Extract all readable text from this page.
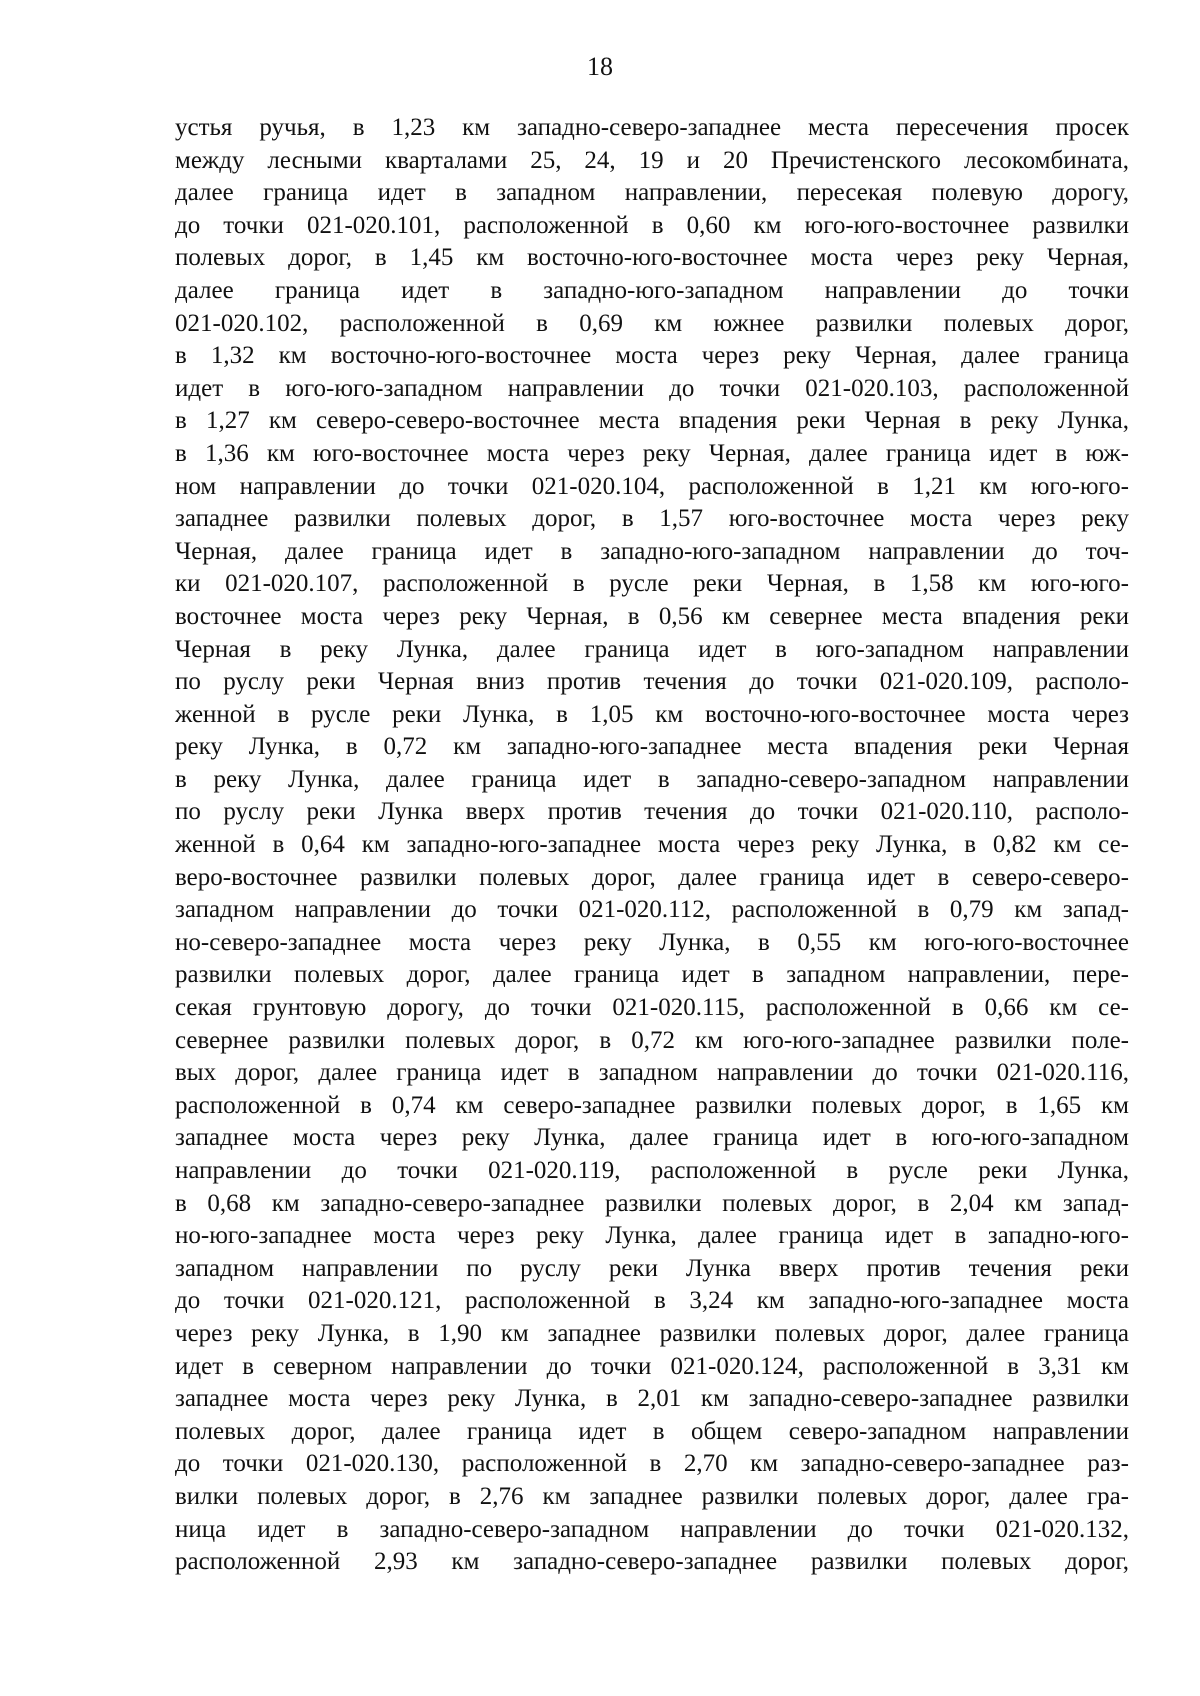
18
устья ручья, в 1,23 км западно-северо-западнее места пересечения просек
между лесными кварталами 25, 24, 19 и 20 Пречистенского лесокомбината,
далее граница идет в западном направлении, пересекая полевую дорогу,
до точки 021-020.101, расположенной в 0,60 км юго-юго-восточнее развилки
полевых дорог, в 1,45 км восточно-юго-восточнее моста через реку Черная,
далее граница идет в западно-юго-западном направлении до точки
021-020.102, расположенной в 0,69 км южнее развилки полевых дорог,
в 1,32 км восточно-юго-восточнее моста через реку Черная, далее граница
идет в юго-юго-западном направлении до точки 021-020.103, расположенной
в 1,27 км северо-северо-восточнее места впадения реки Черная в реку Лунка,
в 1,36 км юго-восточнее моста через реку Черная, далее граница идет в юж-
ном направлении до точки 021-020.104, расположенной в 1,21 км юго-юго-
западнее развилки полевых дорог, в 1,57 юго-восточнее моста через реку
Черная, далее граница идет в западно-юго-западном направлении до точ-
ки 021-020.107, расположенной в русле реки Черная, в 1,58 км юго-юго-
восточнее моста через реку Черная, в 0,56 км севернее места впадения реки
Черная в реку Лунка, далее граница идет в юго-западном направлении
по руслу реки Черная вниз против течения до точки 021-020.109, располо-
женной в русле реки Лунка, в 1,05 км восточно-юго-восточнее моста через
реку Лунка, в 0,72 км западно-юго-западнее места впадения реки Черная
в реку Лунка, далее граница идет в западно-северо-западном направлении
по руслу реки Лунка вверх против течения до точки 021-020.110, располо-
женной в 0,64 км западно-юго-западнее моста через реку Лунка, в 0,82 км се-
веро-восточнее развилки полевых дорог, далее граница идет в северо-северо-
западном направлении до точки 021-020.112, расположенной в 0,79 км запад-
но-северо-западнее моста через реку Лунка, в 0,55 км юго-юго-восточнее
развилки полевых дорог, далее граница идет в западном направлении, пере-
секая грунтовую дорогу, до точки 021-020.115, расположенной в 0,66 км се-
севернее развилки полевых дорог, в 0,72 км юго-юго-западнее развилки поле-
вых дорог, далее граница идет в западном направлении до точки 021-020.116,
расположенной в 0,74 км северо-западнее развилки полевых дорог, в 1,65 км
западнее моста через реку Лунка, далее граница идет в юго-юго-западном
направлении до точки 021-020.119, расположенной в русле реки Лунка,
в 0,68 км западно-северо-западнее развилки полевых дорог, в 2,04 км запад-
но-юго-западнее моста через реку Лунка, далее граница идет в западно-юго-
западном направлении по руслу реки Лунка вверх против течения реки
до точки 021-020.121, расположенной в 3,24 км западно-юго-западнее моста
через реку Лунка, в 1,90 км западнее развилки полевых дорог, далее граница
идет в северном направлении до точки 021-020.124, расположенной в 3,31 км
западнее моста через реку Лунка, в 2,01 км западно-северо-западнее развилки
полевых дорог, далее граница идет в общем северо-западном направлении
до точки 021-020.130, расположенной в 2,70 км западно-северо-западнее раз-
вилки полевых дорог, в 2,76 км западнее развилки полевых дорог, далее гра-
ница идет в западно-северо-западном направлении до точки 021-020.132,
расположенной 2,93 км западно-северо-западнее развилки полевых дорог,
